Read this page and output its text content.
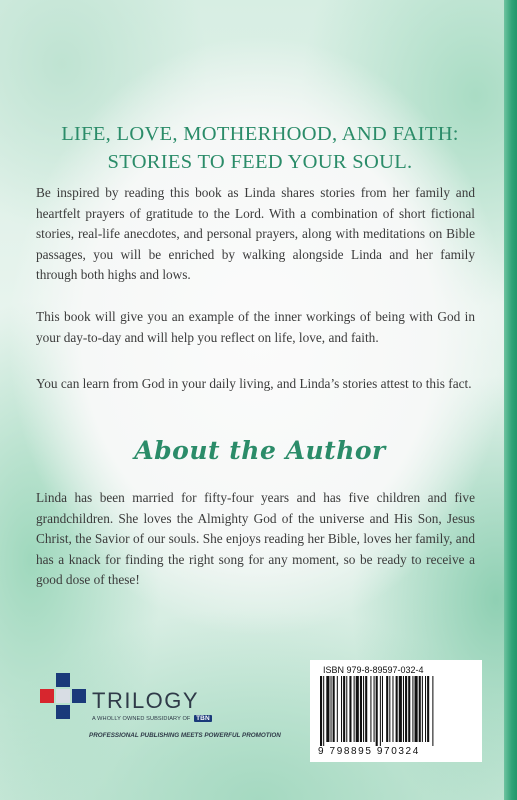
LIFE, LOVE, MOTHERHOOD, AND FAITH:
STORIES TO FEED YOUR SOUL.

Be inspired by reading this book as Linda shares stories from her family and heartfelt prayers of gratitude to the Lord. With a combination of short fictional stories, real-life anecdotes, and personal prayers, along with meditations on Bible passages, you will be enriched by walking alongside Linda and her family through both highs and lows.

This book will give you an example of the inner workings of being with God in your day-to-day and will help you reflect on life, love, and faith.

You can learn from God in your daily living, and Linda’s stories attest to this fact.

About the Author

Linda has been married for fifty-four years and has five children and five grandchildren. She loves the Almighty God of the universe and His Son, Jesus Christ, the Savior of our souls. She enjoys reading her Bible, loves her family, and has a knack for finding the right song for any moment, so be ready to receive a good dose of these!

TRILOGY
A WHOLLY OWNED SUBSIDIARY OF TBN
PROFESSIONAL PUBLISHING MEETS POWERFUL PROMOTION
ISBN 979-8-89597-032-4
9 798895 970324
